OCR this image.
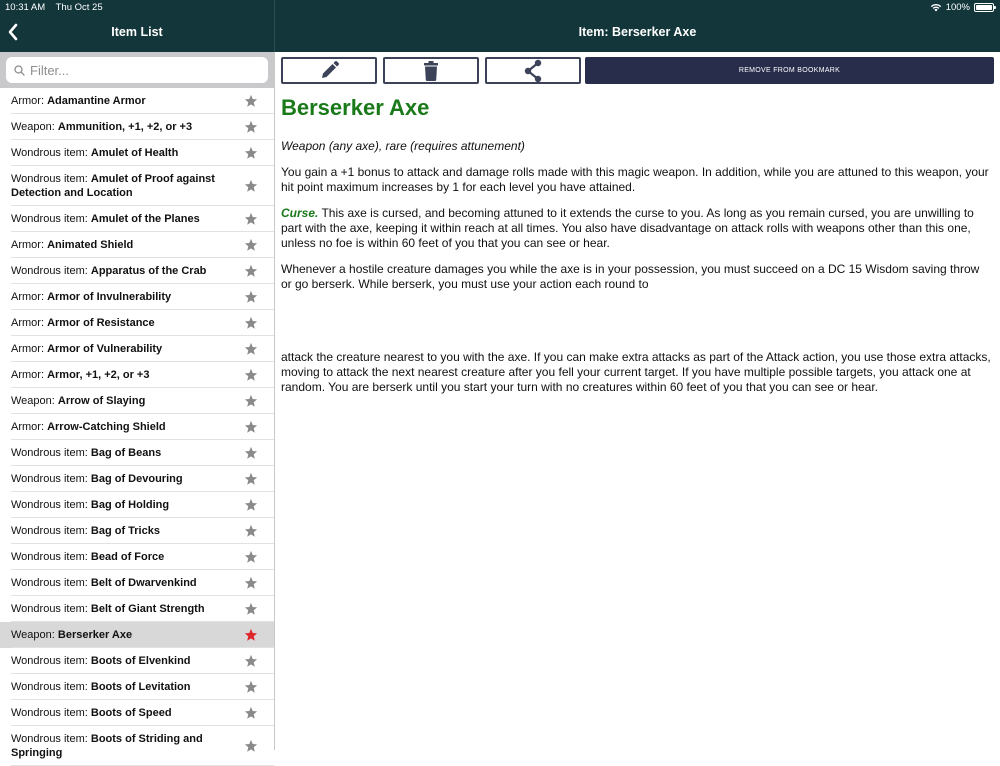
10:31 AM Thu Oct 25	100%
Item List	Item: Berserker Axe
Filter...
Armor: Adamantine Armor
Weapon: Ammunition, +1, +2, or +3
Wondrous item: Amulet of Health
Wondrous item: Amulet of Proof against Detection and Location
Wondrous item: Amulet of the Planes
Armor: Animated Shield
Wondrous item: Apparatus of the Crab
Armor: Armor of Invulnerability
Armor: Armor of Resistance
Armor: Armor of Vulnerability
Armor: Armor, +1, +2, or +3
Weapon: Arrow of Slaying
Armor: Arrow-Catching Shield
Wondrous item: Bag of Beans
Wondrous item: Bag of Devouring
Wondrous item: Bag of Holding
Wondrous item: Bag of Tricks
Wondrous item: Bead of Force
Wondrous item: Belt of Dwarvenkind
Wondrous item: Belt of Giant Strength
Weapon: Berserker Axe
Wondrous item: Boots of Elvenkind
Wondrous item: Boots of Levitation
Wondrous item: Boots of Speed
Wondrous item: Boots of Striding and Springing
REMOVE FROM BOOKMARK
Berserker Axe
Weapon (any axe), rare (requires attunement)
You gain a +1 bonus to attack and damage rolls made with this magic weapon. In addition, while you are attuned to this weapon, your hit point maximum increases by 1 for each level you have attained.
Curse. This axe is cursed, and becoming attuned to it extends the curse to you. As long as you remain cursed, you are unwilling to part with the axe, keeping it within reach at all times. You also have disadvantage on attack rolls with weapons other than this one, unless no foe is within 60 feet of you that you can see or hear.
Whenever a hostile creature damages you while the axe is in your possession, you must succeed on a DC 15 Wisdom saving throw or go berserk. While berserk, you must use your action each round to
attack the creature nearest to you with the axe. If you can make extra attacks as part of the Attack action, you use those extra attacks, moving to attack the next nearest creature after you fell your current target. If you have multiple possible targets, you attack one at random. You are berserk until you start your turn with no creatures within 60 feet of you that you can see or hear.
